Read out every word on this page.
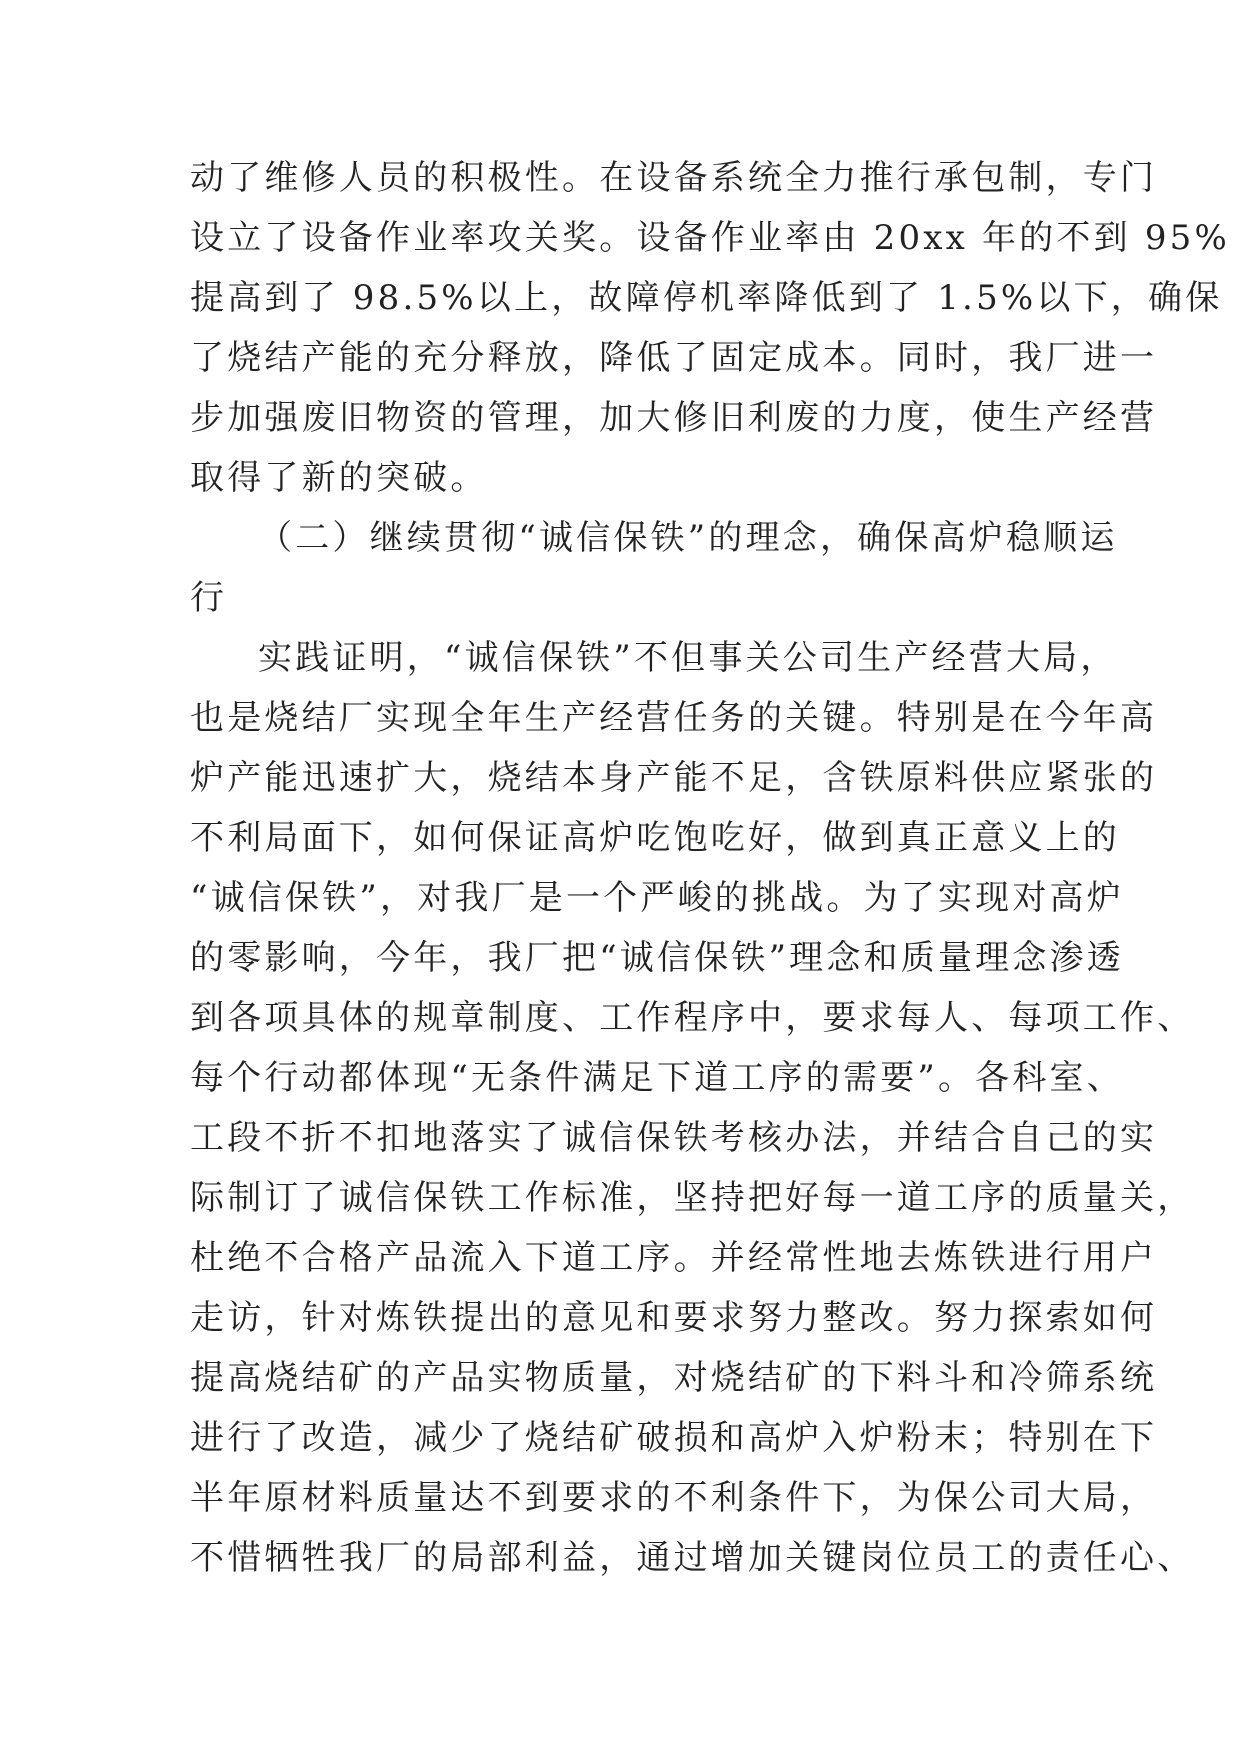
动了维修人员的积极性。在设备系统全力推行承包制，专门
设立了设备作业率攻关奖。设备作业率由 20xx 年的不到 95%
提高到了 98.5%以上，故障停机率降低到了 1.5%以下，确保
了烧结产能的充分释放，降低了固定成本。同时，我厂进一
步加强废旧物资的管理，加大修旧利废的力度，使生产经营
取得了新的突破。
（二）继续贯彻“诚信保铁”的理念，确保高炉稳顺运
行
实践证明，“诚信保铁”不但事关公司生产经营大局，
也是烧结厂实现全年生产经营任务的关键。特别是在今年高
炉产能迅速扩大，烧结本身产能不足，含铁原料供应紧张的
不利局面下，如何保证高炉吃饱吃好，做到真正意义上的
“诚信保铁”，对我厂是一个严峻的挑战。为了实现对高炉
的零影响，今年，我厂把“诚信保铁”理念和质量理念渗透
到各项具体的规章制度、工作程序中，要求每人、每项工作、
每个行动都体现“无条件满足下道工序的需要”。各科室、
工段不折不扣地落实了诚信保铁考核办法，并结合自己的实
际制订了诚信保铁工作标准，坚持把好每一道工序的质量关，
杜绝不合格产品流入下道工序。并经常性地去炼铁进行用户
走访，针对炼铁提出的意见和要求努力整改。努力探索如何
提高烧结矿的产品实物质量，对烧结矿的下料斗和冷筛系统
进行了改造，减少了烧结矿破损和高炉入炉粉末；特别在下
半年原材料质量达不到要求的不利条件下，为保公司大局，
不惜牺牲我厂的局部利益，通过增加关键岗位员工的责任心、
